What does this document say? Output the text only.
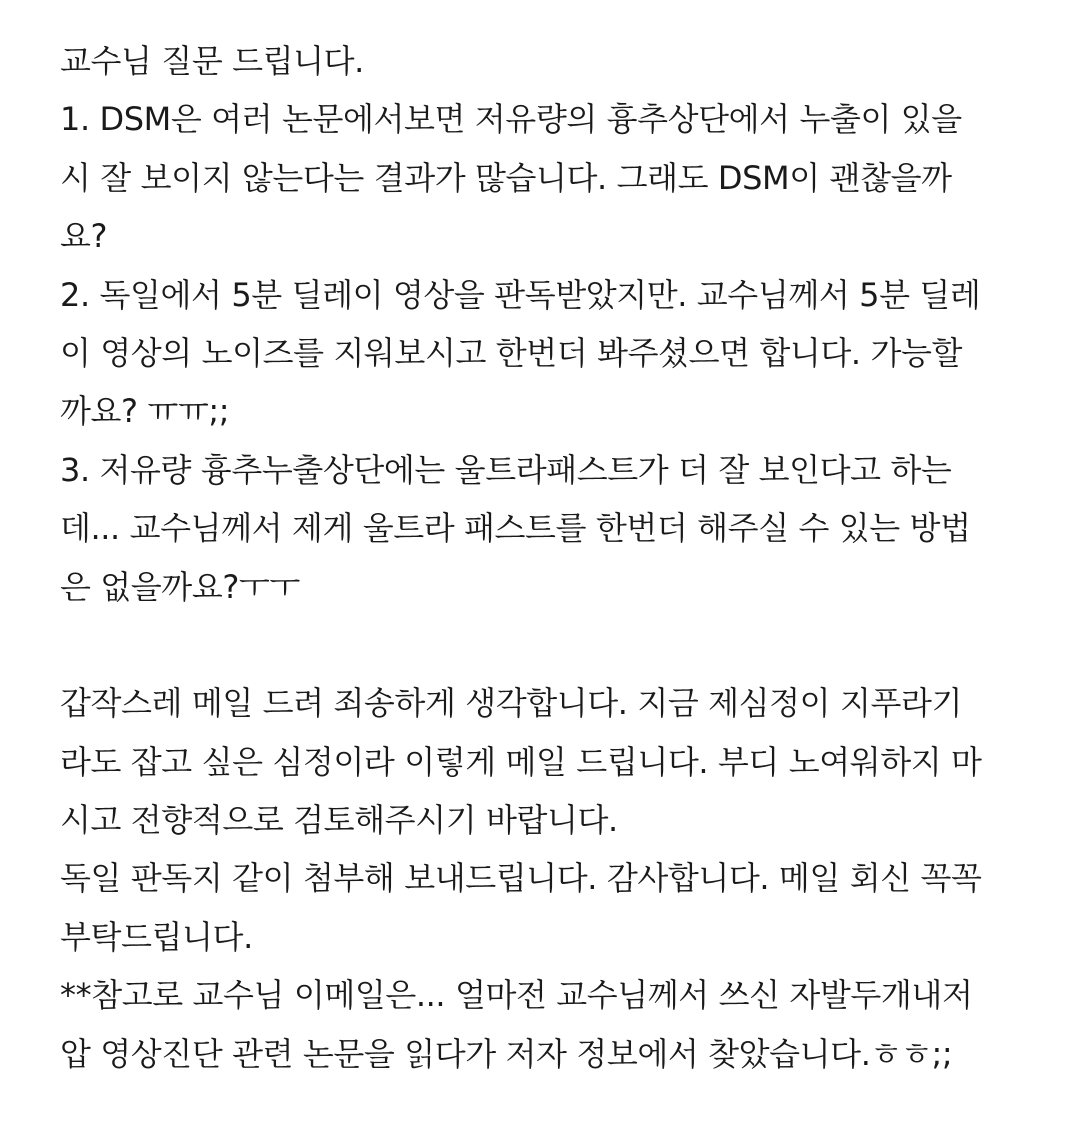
교수님 질문 드립니다.
1. DSM은 여러 논문에서보면 저유량의 흉추상단에서 누출이 있을
시 잘 보이지 않는다는 결과가 많습니다. 그래도 DSM이 괜찮을까
요?
2. 독일에서 5분 딜레이 영상을 판독받았지만. 교수님께서 5분 딜레
이 영상의 노이즈를 지워보시고 한번더 봐주셨으면 합니다. 가능할
까요? ㅠㅠ;;
3. 저유량 흉추누출상단에는 울트라패스트가 더 잘 보인다고 하는
데... 교수님께서 제게 울트라 패스트를 한번더 해주실 수 있는 방법
은 없을까요?ㅜㅜ
갑작스레 메일 드려 죄송하게 생각합니다. 지금 제심정이 지푸라기
라도 잡고 싶은 심정이라 이렇게 메일 드립니다. 부디 노여워하지 마
시고 전향적으로 검토해주시기 바랍니다.
독일 판독지 같이 첨부해 보내드립니다. 감사합니다. 메일 회신 꼭꼭
부탁드립니다.
**참고로 교수님 이메일은... 얼마전 교수님께서 쓰신 자발두개내저
압 영상진단 관련 논문을 읽다가 저자 정보에서 찾았습니다.ㅎㅎ;;
